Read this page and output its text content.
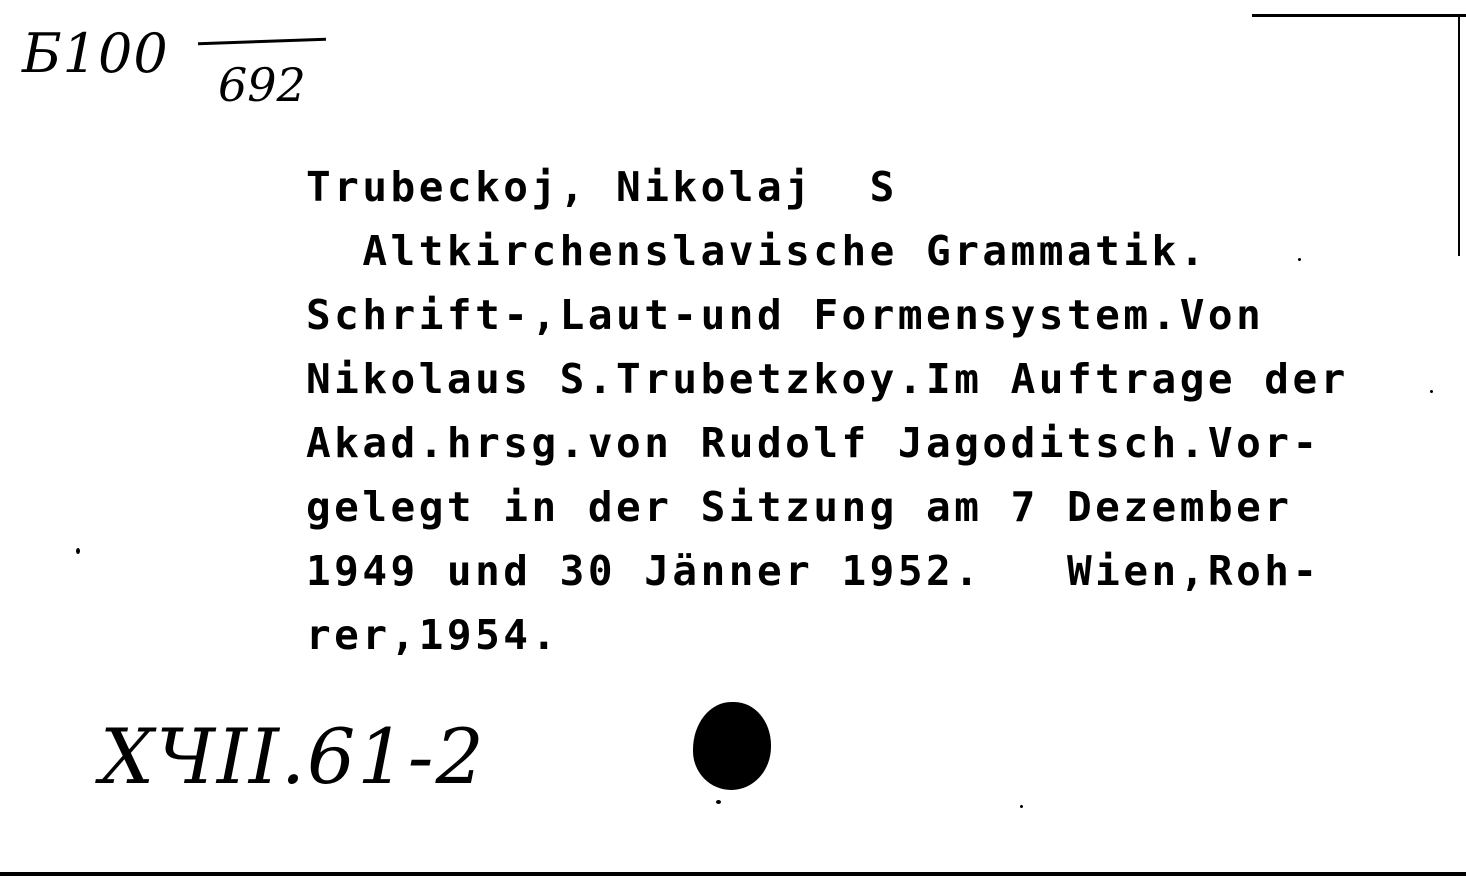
Б100 692
Trubeckoj, Nikolaj  S
Altkirchenslavische Grammatik.
Schrift-,Laut-und Formensystem.Von
Nikolaus S.Trubetzkoy.Im Auftrage der
Akad.hrsg.von Rudolf Jagoditsch.Vor-
gelegt in der Sitzung am 7 Dezember
1949 und 30 Jänner 1952.   Wien,Roh-
rer,1954.
XЧII.61-2
